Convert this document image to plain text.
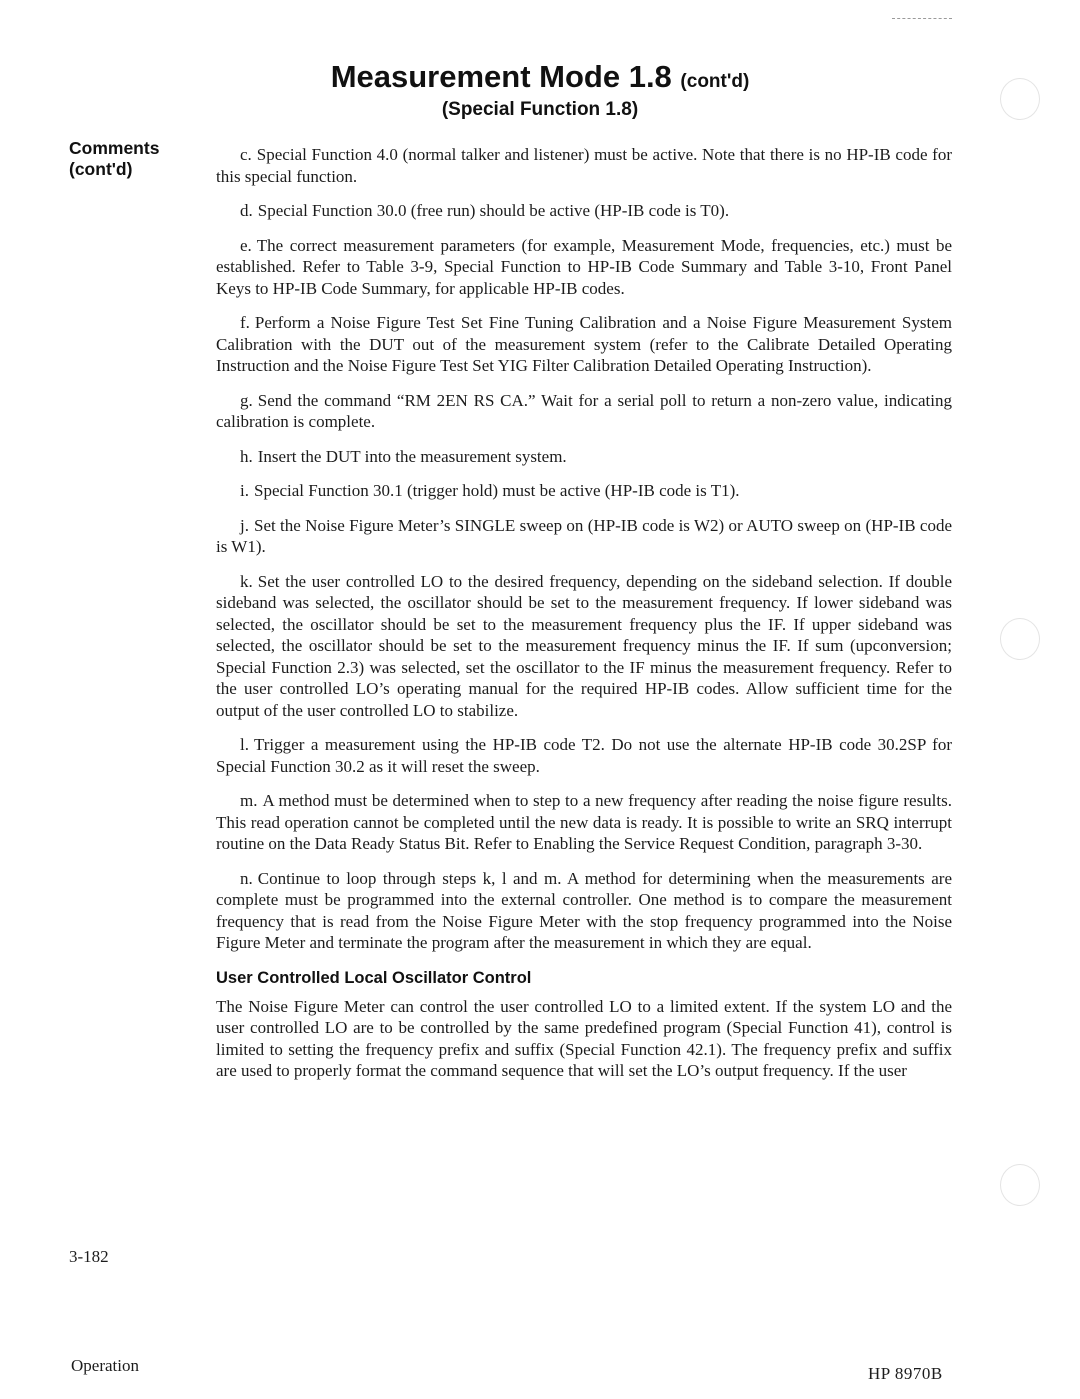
Measurement Mode 1.8 (cont'd)
(Special Function 1.8)
Comments
(cont'd)

c. Special Function 4.0 (normal talker and listener) must be active. Note that there is no HP-IB code for this special function.

d. Special Function 30.0 (free run) should be active (HP-IB code is T0).

e. The correct measurement parameters (for example, Measurement Mode, frequencies, etc.) must be established. Refer to Table 3-9, Special Function to HP-IB Code Summary and Table 3-10, Front Panel Keys to HP-IB Code Summary, for applicable HP-IB codes.

f. Perform a Noise Figure Test Set Fine Tuning Calibration and a Noise Figure Measurement System Calibration with the DUT out of the measurement system (refer to the Calibrate Detailed Operating Instruction and the Noise Figure Test Set YIG Filter Calibration Detailed Operating Instruction).

g. Send the command “RM 2EN RS CA.” Wait for a serial poll to return a non-zero value, indicating calibration is complete.

h. Insert the DUT into the measurement system.

i. Special Function 30.1 (trigger hold) must be active (HP-IB code is T1).

j. Set the Noise Figure Meter’s SINGLE sweep on (HP-IB code is W2) or AUTO sweep on (HP-IB code is W1).

k. Set the user controlled LO to the desired frequency, depending on the sideband selection. If double sideband was selected, the oscillator should be set to the measurement frequency. If lower sideband was selected, the oscillator should be set to the measurement frequency plus the IF. If upper sideband was selected, the oscillator should be set to the measurement frequency minus the IF. If sum (upconversion; Special Function 2.3) was selected, set the oscillator to the IF minus the measurement frequency. Refer to the user controlled LO’s operating manual for the required HP-IB codes. Allow sufficient time for the output of the user controlled LO to stabilize.

l. Trigger a measurement using the HP-IB code T2. Do not use the alternate HP-IB code 30.2SP for Special Function 30.2 as it will reset the sweep.

m. A method must be determined when to step to a new frequency after reading the noise figure results. This read operation cannot be completed until the new data is ready. It is possible to write an SRQ interrupt routine on the Data Ready Status Bit. Refer to Enabling the Service Request Condition, paragraph 3-30.

n. Continue to loop through steps k, l and m. A method for determining when the measurements are complete must be programmed into the external controller. One method is to compare the measurement frequency that is read from the Noise Figure Meter with the stop frequency programmed into the Noise Figure Meter and terminate the program after the measurement in which they are equal.

User Controlled Local Oscillator Control

The Noise Figure Meter can control the user controlled LO to a limited extent. If the system LO and the user controlled LO are to be controlled by the same predefined program (Special Function 41), control is limited to setting the frequency prefix and suffix (Special Function 42.1). The frequency prefix and suffix are used to properly format the command sequence that will set the LO’s output frequency. If the user

3-182
Operation	HP 8970B
